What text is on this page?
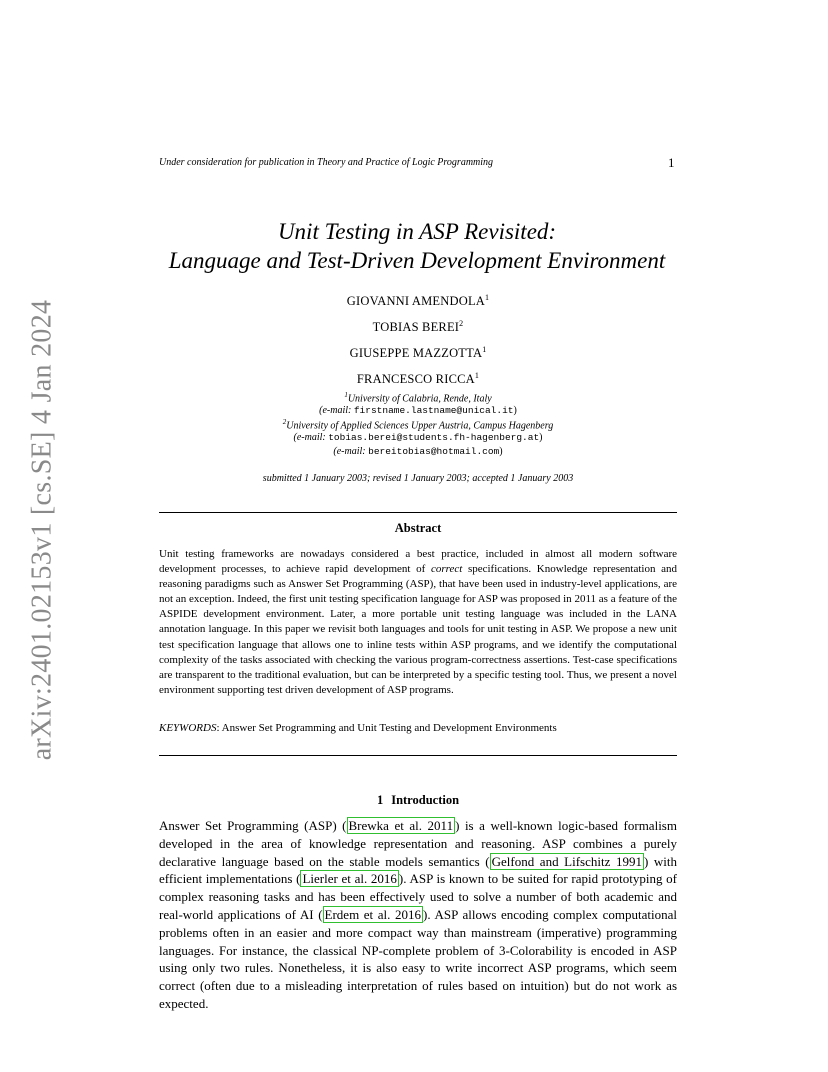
arXiv:2401.02153v1 [cs.SE] 4 Jan 2024
Under consideration for publication in Theory and Practice of Logic Programming	1
Unit Testing in ASP Revisited:
Language and Test-Driven Development Environment
GIOVANNI AMENDOLA$^1$
TOBIAS BEREI$^2$
GIUSEPPE MAZZOTTA$^1$
FRANCESCO RICCA$^1$
$^1$University of Calabria, Rende, Italy
(e-mail: firstname.lastname@unical.it)
$^2$University of Applied Sciences Upper Austria, Campus Hagenberg
(e-mail: tobias.berei@students.fh-hagenberg.at)
(e-mail: bereitobias@hotmail.com)
submitted 1 January 2003; revised 1 January 2003; accepted 1 January 2003
Abstract
Unit testing frameworks are nowadays considered a best practice, included in almost all modern software development processes, to achieve rapid development of correct specifications. Knowledge representation and reasoning paradigms such as Answer Set Programming (ASP), that have been used in industry-level applications, are not an exception. Indeed, the first unit testing specification language for ASP was proposed in 2011 as a feature of the ASPIDE development environment. Later, a more portable unit testing language was included in the LANA annotation language. In this paper we revisit both languages and tools for unit testing in ASP. We propose a new unit test specification language that allows one to inline tests within ASP programs, and we identify the computational complexity of the tasks associated with checking the various program-correctness assertions. Test-case specifications are transparent to the traditional evaluation, but can be interpreted by a specific testing tool. Thus, we present a novel environment supporting test driven development of ASP programs.
KEYWORDS: Answer Set Programming and Unit Testing and Development Environments
1 Introduction
Answer Set Programming (ASP) ( Brewka et al. 2011 ) is a well-known logic-based formalism developed in the area of knowledge representation and reasoning. ASP combines a purely declarative language based on the stable models semantics ( Gelfond and Lifschitz 1991 ) with efficient implementations ( Lierler et al. 2016 ). ASP is known to be suited for rapid prototyping of complex reasoning tasks and has been effectively used to solve a number of both academic and real-world applications of AI ( Erdem et al. 2016 ). ASP allows encoding complex computational problems often in an easier and more compact way than mainstream (imperative) programming languages. For instance, the classical NP-complete problem of 3-Colorability is encoded in ASP using only two rules. Nonetheless, it is also easy to write incorrect ASP programs, which seem correct (often due to a misleading interpretation of rules based on intuition) but do not work as expected.
